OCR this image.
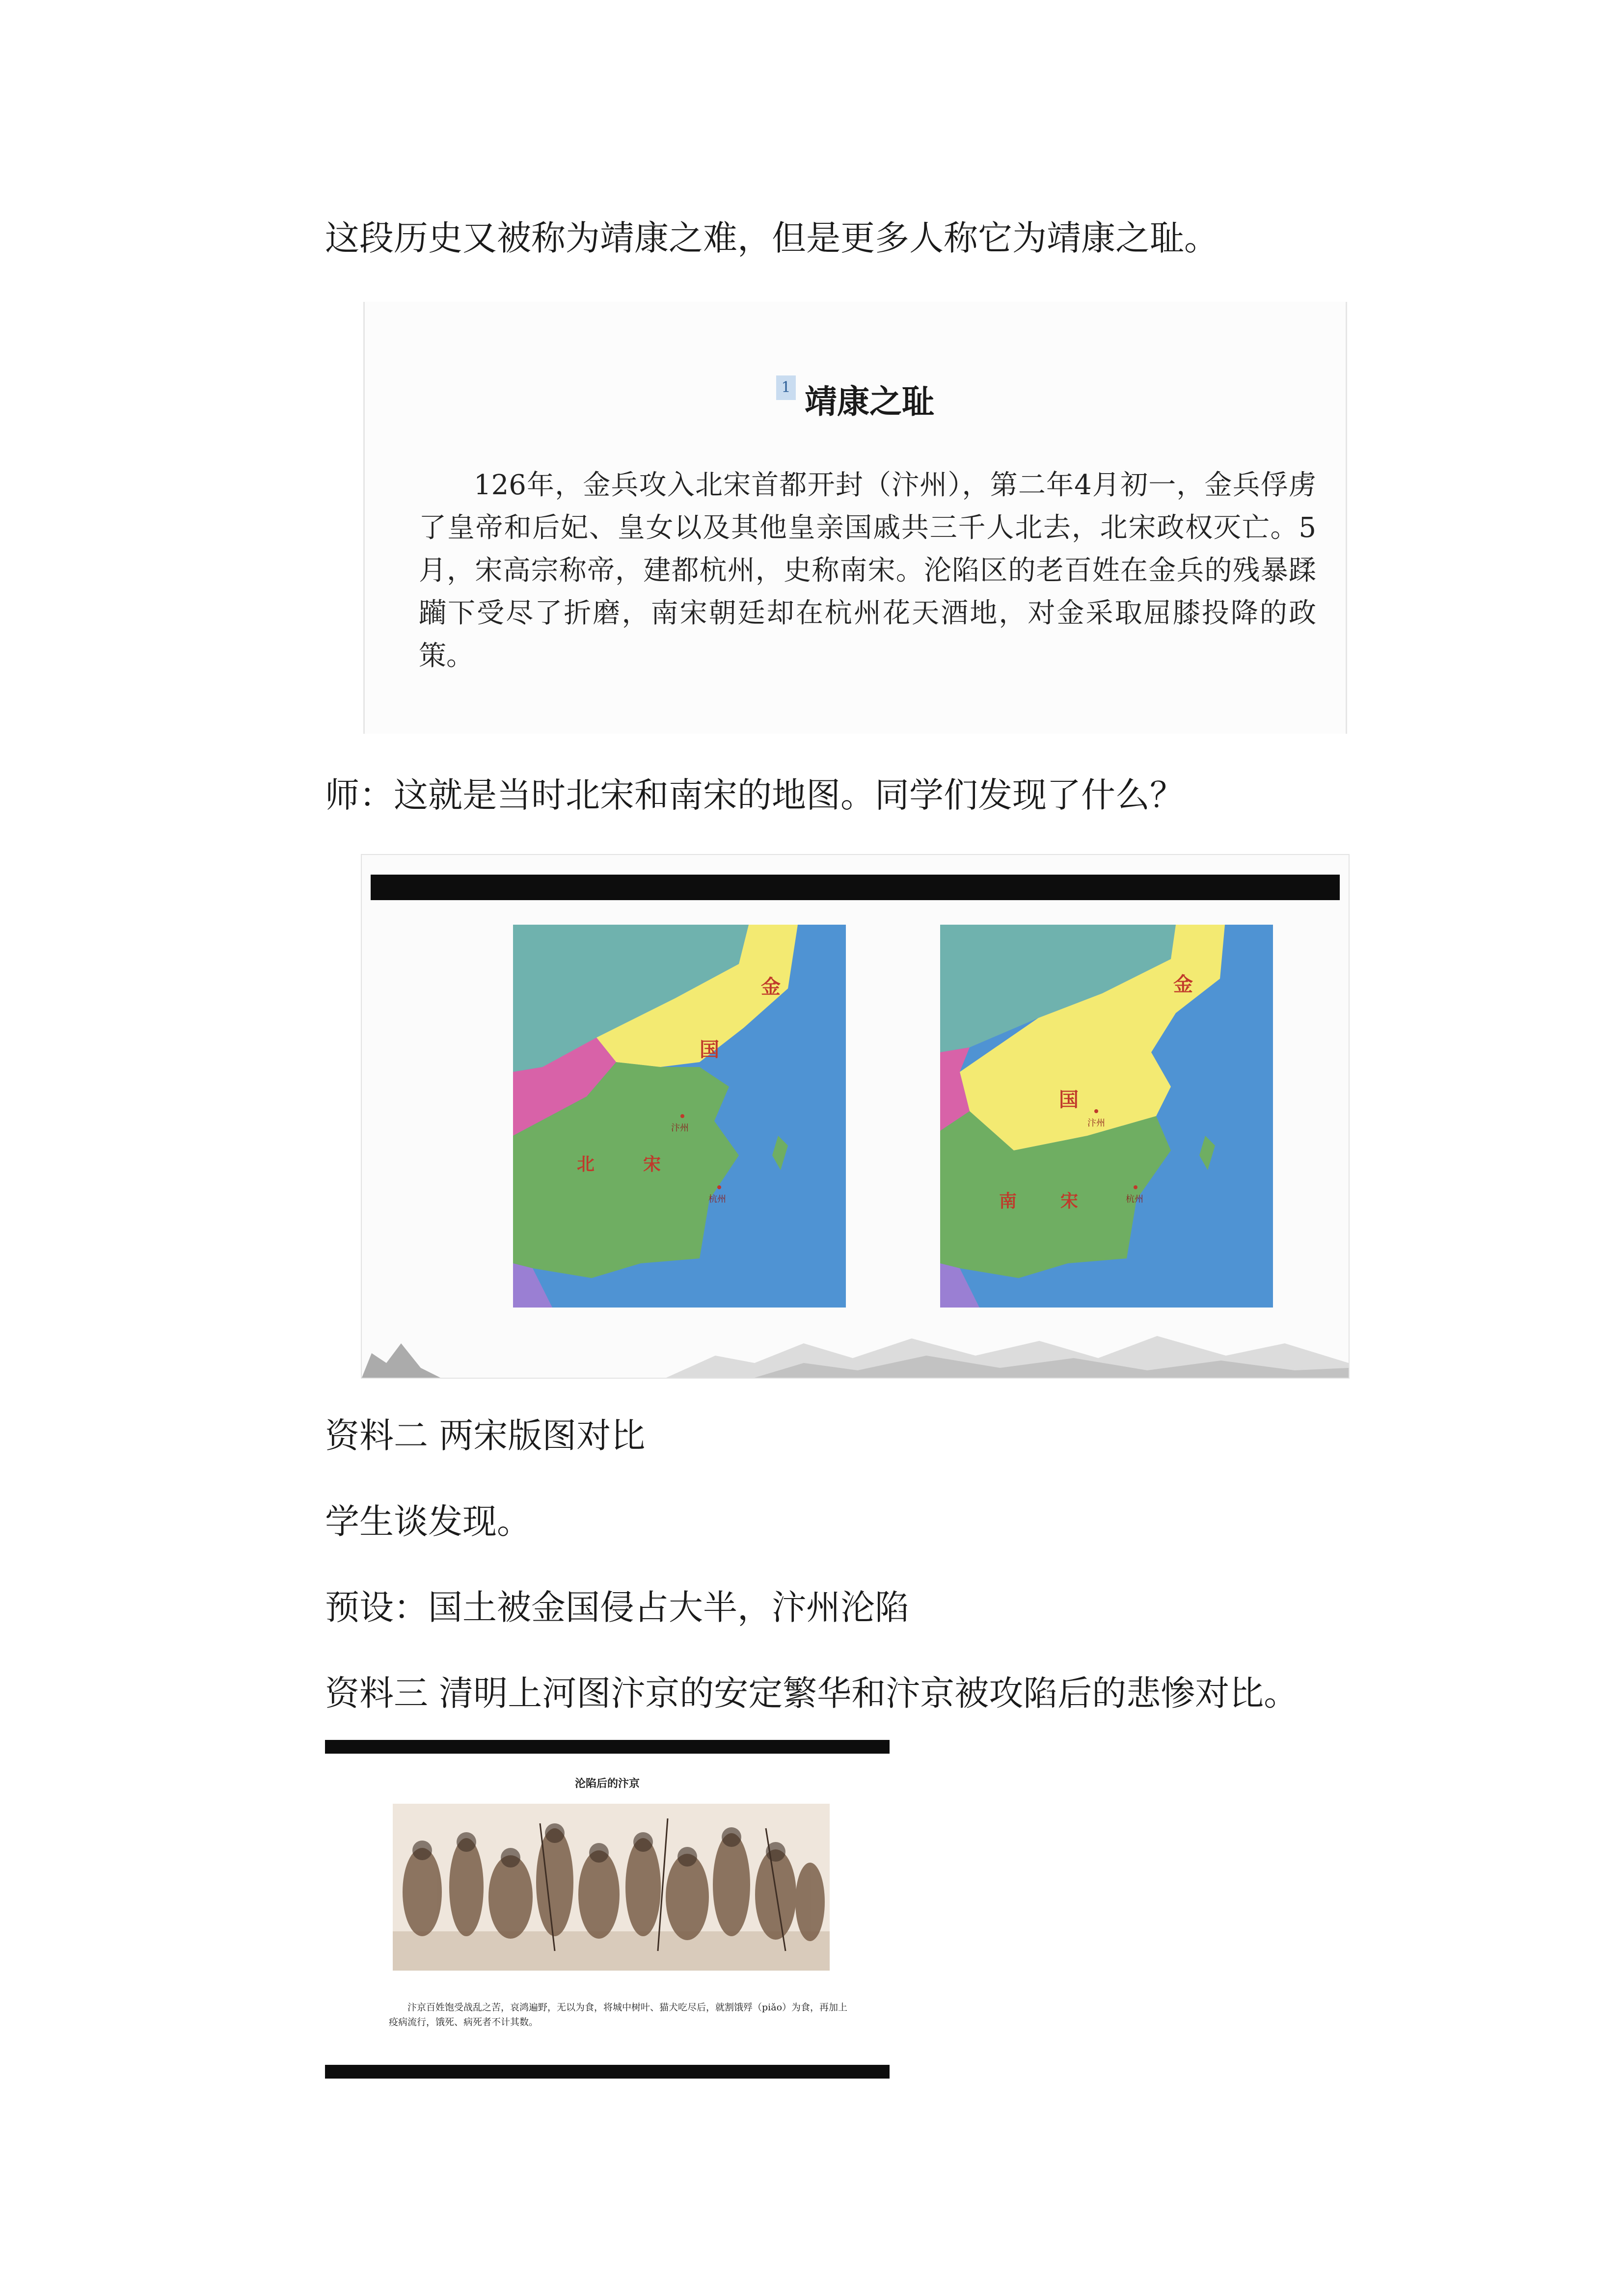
这段历史又被称为靖康之难，但是更多人称它为靖康之耻。
1 靖康之耻
126年，金兵攻入北宋首都开封（汴州），第二年4月初一，金兵俘虏了皇帝和后妃、皇女以及其他皇亲国戚共三千人北去，北宋政权灭亡。5月，宋高宗称帝，建都杭州，史称南宋。沦陷区的老百姓在金兵的残暴蹂躏下受尽了折磨，南宋朝廷却在杭州花天酒地，对金采取屈膝投降的政策。
师：这就是当时北宋和南宋的地图。同学们发现了什么？
金
国
北	宋
汴州
杭州
金
国
南 宋
汴州
杭州
资料二 两宋版图对比
学生谈发现。
预设：国土被金国侵占大半，汴州沦陷
资料三 清明上河图汴京的安定繁华和汴京被攻陷后的悲惨对比。
沦陷后的汴京
汴京百姓饱受战乱之苦，哀鸿遍野，无以为食，将城中树叶、猫犬吃尽后，就割饿殍（piǎo）为食，再加上疫病流行，饿死、病死者不计其数。
